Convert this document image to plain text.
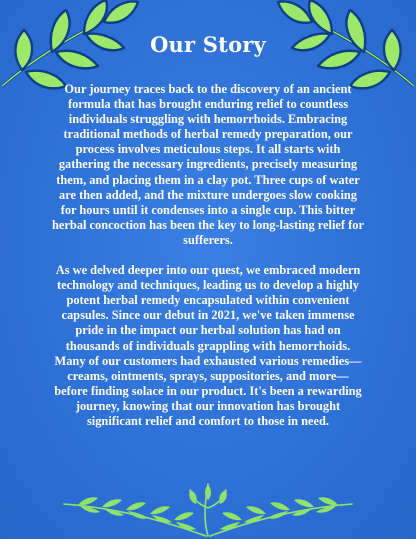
Our Story

Our journey traces back to the discovery of an ancient formula that has brought enduring relief to countless individuals struggling with hemorrhoids. Embracing traditional methods of herbal remedy preparation, our process involves meticulous steps. It all starts with gathering the necessary ingredients, precisely measuring them, and placing them in a clay pot. Three cups of water are then added, and the mixture undergoes slow cooking for hours until it condenses into a single cup. This bitter herbal concoction has been the key to long-lasting relief for sufferers.

As we delved deeper into our quest, we embraced modern technology and techniques, leading us to develop a highly potent herbal remedy encapsulated within convenient capsules. Since our debut in 2021, we've taken immense pride in the impact our herbal solution has had on thousands of individuals grappling with hemorrhoids. Many of our customers had exhausted various remedies—creams, ointments, sprays, suppositories, and more—before finding solace in our product. It's been a rewarding journey, knowing that our innovation has brought significant relief and comfort to those in need.
